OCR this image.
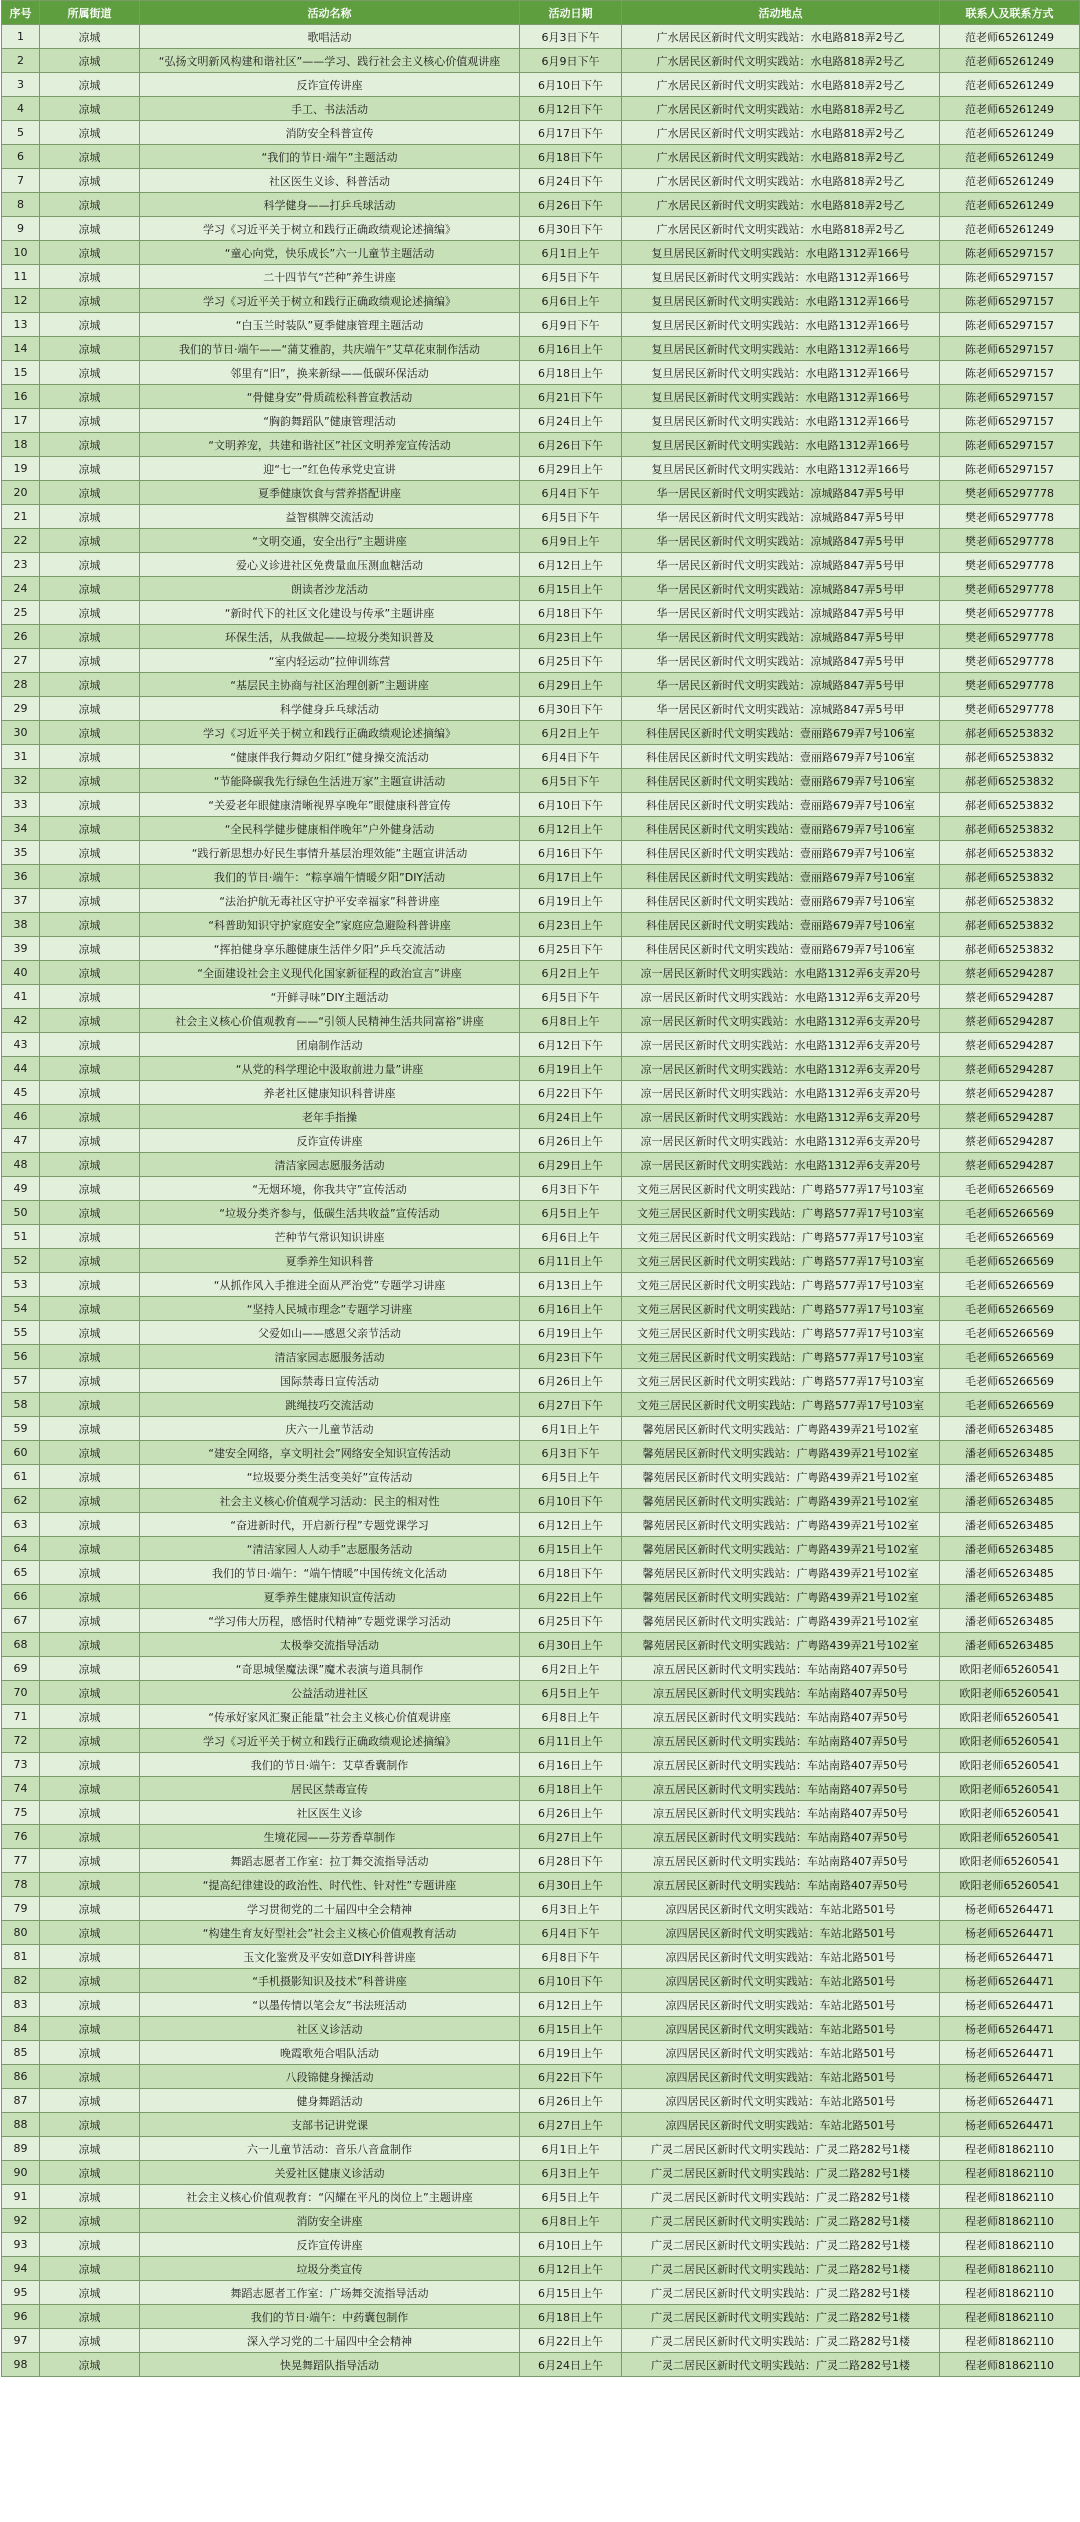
序号	所属街道	活动名称	活动日期	活动地点	联系人及联系方式
1	凉城	歌唱活动	6月3日下午	广水居民区新时代文明实践站：水电路818弄2号乙	范老师65261249
2	凉城	“弘扬文明新风构建和谐社区”——学习、践行社会主义核心价值观讲座	6月9日下午	广水居民区新时代文明实践站：水电路818弄2号乙	范老师65261249
3	凉城	反诈宣传讲座	6月10日下午	广水居民区新时代文明实践站：水电路818弄2号乙	范老师65261249
4	凉城	手工、书法活动	6月12日下午	广水居民区新时代文明实践站：水电路818弄2号乙	范老师65261249
5	凉城	消防安全科普宣传	6月17日下午	广水居民区新时代文明实践站：水电路818弄2号乙	范老师65261249
6	凉城	“我们的节日·端午”主题活动	6月18日下午	广水居民区新时代文明实践站：水电路818弄2号乙	范老师65261249
7	凉城	社区医生义诊、科普活动	6月24日下午	广水居民区新时代文明实践站：水电路818弄2号乙	范老师65261249
8	凉城	科学健身——打乒乓球活动	6月26日下午	广水居民区新时代文明实践站：水电路818弄2号乙	范老师65261249
9	凉城	学习《习近平关于树立和践行正确政绩观论述摘编》	6月30日下午	广水居民区新时代文明实践站：水电路818弄2号乙	范老师65261249
10	凉城	“童心向党，快乐成长”六一儿童节主题活动	6月1日上午	复旦居民区新时代文明实践站：水电路1312弄166号	陈老师65297157
11	凉城	二十四节气“芒种”养生讲座	6月5日下午	复旦居民区新时代文明实践站：水电路1312弄166号	陈老师65297157
12	凉城	学习《习近平关于树立和践行正确政绩观论述摘编》	6月6日上午	复旦居民区新时代文明实践站：水电路1312弄166号	陈老师65297157
13	凉城	“白玉兰时装队”夏季健康管理主题活动	6月9日下午	复旦居民区新时代文明实践站：水电路1312弄166号	陈老师65297157
14	凉城	我们的节日·端午——“蒲艾雅韵，共庆端午”艾草花束制作活动	6月16日上午	复旦居民区新时代文明实践站：水电路1312弄166号	陈老师65297157
15	凉城	邻里有“旧”，换来新绿——低碳环保活动	6月18日上午	复旦居民区新时代文明实践站：水电路1312弄166号	陈老师65297157
16	凉城	“骨健身安”骨质疏松科普宣教活动	6月21日下午	复旦居民区新时代文明实践站：水电路1312弄166号	陈老师65297157
17	凉城	“胸韵舞蹈队”健康管理活动	6月24日上午	复旦居民区新时代文明实践站：水电路1312弄166号	陈老师65297157
18	凉城	“文明养宠，共建和谐社区”社区文明养宠宣传活动	6月26日下午	复旦居民区新时代文明实践站：水电路1312弄166号	陈老师65297157
19	凉城	迎“七一”红色传承党史宣讲	6月29日上午	复旦居民区新时代文明实践站：水电路1312弄166号	陈老师65297157
20	凉城	夏季健康饮食与营养搭配讲座	6月4日下午	华一居民区新时代文明实践站：凉城路847弄5号甲	樊老师65297778
21	凉城	益智棋牌交流活动	6月5日下午	华一居民区新时代文明实践站：凉城路847弄5号甲	樊老师65297778
22	凉城	“文明交通，安全出行”主题讲座	6月9日上午	华一居民区新时代文明实践站：凉城路847弄5号甲	樊老师65297778
23	凉城	爱心义诊进社区免费量血压测血糖活动	6月12日上午	华一居民区新时代文明实践站：凉城路847弄5号甲	樊老师65297778
24	凉城	朗读者沙龙活动	6月15日上午	华一居民区新时代文明实践站：凉城路847弄5号甲	樊老师65297778
25	凉城	“新时代下的社区文化建设与传承”主题讲座	6月18日下午	华一居民区新时代文明实践站：凉城路847弄5号甲	樊老师65297778
26	凉城	环保生活，从我做起——垃圾分类知识普及	6月23日上午	华一居民区新时代文明实践站：凉城路847弄5号甲	樊老师65297778
27	凉城	“室内轻运动”拉伸训练营	6月25日下午	华一居民区新时代文明实践站：凉城路847弄5号甲	樊老师65297778
28	凉城	“基层民主协商与社区治理创新”主题讲座	6月29日上午	华一居民区新时代文明实践站：凉城路847弄5号甲	樊老师65297778
29	凉城	科学健身乒乓球活动	6月30日下午	华一居民区新时代文明实践站：凉城路847弄5号甲	樊老师65297778
30	凉城	学习《习近平关于树立和践行正确政绩观论述摘编》	6月2日上午	科佳居民区新时代文明实践站：壹丽路679弄7号106室	郝老师65253832
31	凉城	“健康伴我行舞动夕阳红”健身操交流活动	6月4日下午	科佳居民区新时代文明实践站：壹丽路679弄7号106室	郝老师65253832
32	凉城	“节能降碳我先行绿色生活进万家”主题宣讲活动	6月5日下午	科佳居民区新时代文明实践站：壹丽路679弄7号106室	郝老师65253832
33	凉城	“关爱老年眼健康清晰视界享晚年”眼健康科普宣传	6月10日下午	科佳居民区新时代文明实践站：壹丽路679弄7号106室	郝老师65253832
34	凉城	“全民科学健步健康相伴晚年”户外健身活动	6月12日上午	科佳居民区新时代文明实践站：壹丽路679弄7号106室	郝老师65253832
35	凉城	“践行新思想办好民生事情升基层治理效能”主题宣讲活动	6月16日下午	科佳居民区新时代文明实践站：壹丽路679弄7号106室	郝老师65253832
36	凉城	我们的节日·端午：“粽享端午情暖夕阳”DIY活动	6月17日上午	科佳居民区新时代文明实践站：壹丽路679弄7号106室	郝老师65253832
37	凉城	“法治护航无毒社区守护平安幸福家”科普讲座	6月19日上午	科佳居民区新时代文明实践站：壹丽路679弄7号106室	郝老师65253832
38	凉城	“科普助知识守护家庭安全”家庭应急避险科普讲座	6月23日上午	科佳居民区新时代文明实践站：壹丽路679弄7号106室	郝老师65253832
39	凉城	“挥拍健身享乐趣健康生活伴夕阳”乒乓交流活动	6月25日下午	科佳居民区新时代文明实践站：壹丽路679弄7号106室	郝老师65253832
40	凉城	“全面建设社会主义现代化国家新征程的政治宣言”讲座	6月2日上午	凉一居民区新时代文明实践站：水电路1312弄6支弄20号	蔡老师65294287
41	凉城	“开鲜寻味”DIY主题活动	6月5日下午	凉一居民区新时代文明实践站：水电路1312弄6支弄20号	蔡老师65294287
42	凉城	社会主义核心价值观教育——“引领人民精神生活共同富裕”讲座	6月8日上午	凉一居民区新时代文明实践站：水电路1312弄6支弄20号	蔡老师65294287
43	凉城	团扇制作活动	6月12日下午	凉一居民区新时代文明实践站：水电路1312弄6支弄20号	蔡老师65294287
44	凉城	“从党的科学理论中汲取前进力量”讲座	6月19日上午	凉一居民区新时代文明实践站：水电路1312弄6支弄20号	蔡老师65294287
45	凉城	养老社区健康知识科普讲座	6月22日下午	凉一居民区新时代文明实践站：水电路1312弄6支弄20号	蔡老师65294287
46	凉城	老年手指操	6月24日上午	凉一居民区新时代文明实践站：水电路1312弄6支弄20号	蔡老师65294287
47	凉城	反诈宣传讲座	6月26日上午	凉一居民区新时代文明实践站：水电路1312弄6支弄20号	蔡老师65294287
48	凉城	清洁家园志愿服务活动	6月29日上午	凉一居民区新时代文明实践站：水电路1312弄6支弄20号	蔡老师65294287
49	凉城	“无烟环境，你我共守”宣传活动	6月3日下午	文苑三居民区新时代文明实践站：广粤路577弄17号103室	毛老师65266569
50	凉城	“垃圾分类齐参与，低碳生活共收益”宣传活动	6月5日上午	文苑三居民区新时代文明实践站：广粤路577弄17号103室	毛老师65266569
51	凉城	芒种节气常识知识讲座	6月6日上午	文苑三居民区新时代文明实践站：广粤路577弄17号103室	毛老师65266569
52	凉城	夏季养生知识科普	6月11日上午	文苑三居民区新时代文明实践站：广粤路577弄17号103室	毛老师65266569
53	凉城	“从抓作风入手推进全面从严治党”专题学习讲座	6月13日上午	文苑三居民区新时代文明实践站：广粤路577弄17号103室	毛老师65266569
54	凉城	“坚持人民城市理念”专题学习讲座	6月16日上午	文苑三居民区新时代文明实践站：广粤路577弄17号103室	毛老师65266569
55	凉城	父爱如山——感恩父亲节活动	6月19日上午	文苑三居民区新时代文明实践站：广粤路577弄17号103室	毛老师65266569
56	凉城	清洁家园志愿服务活动	6月23日下午	文苑三居民区新时代文明实践站：广粤路577弄17号103室	毛老师65266569
57	凉城	国际禁毒日宣传活动	6月26日上午	文苑三居民区新时代文明实践站：广粤路577弄17号103室	毛老师65266569
58	凉城	跳绳技巧交流活动	6月27日下午	文苑三居民区新时代文明实践站：广粤路577弄17号103室	毛老师65266569
59	凉城	庆六一儿童节活动	6月1日上午	馨苑居民区新时代文明实践站：广粤路439弄21号102室	潘老师65263485
60	凉城	“建安全网络，享文明社会”网络安全知识宣传活动	6月3日下午	馨苑居民区新时代文明实践站：广粤路439弄21号102室	潘老师65263485
61	凉城	“垃圾要分类生活变美好”宣传活动	6月5日上午	馨苑居民区新时代文明实践站：广粤路439弄21号102室	潘老师65263485
62	凉城	社会主义核心价值观学习活动：民主的相对性	6月10日下午	馨苑居民区新时代文明实践站：广粤路439弄21号102室	潘老师65263485
63	凉城	“奋进新时代，开启新行程”专题党课学习	6月12日上午	馨苑居民区新时代文明实践站：广粤路439弄21号102室	潘老师65263485
64	凉城	“清洁家园人人动手”志愿服务活动	6月15日上午	馨苑居民区新时代文明实践站：广粤路439弄21号102室	潘老师65263485
65	凉城	我们的节日·端午：“端午情暖”中国传统文化活动	6月18日下午	馨苑居民区新时代文明实践站：广粤路439弄21号102室	潘老师65263485
66	凉城	夏季养生健康知识宣传活动	6月22日上午	馨苑居民区新时代文明实践站：广粤路439弄21号102室	潘老师65263485
67	凉城	“学习伟大历程，感悟时代精神”专题党课学习活动	6月25日下午	馨苑居民区新时代文明实践站：广粤路439弄21号102室	潘老师65263485
68	凉城	太极拳交流指导活动	6月30日上午	馨苑居民区新时代文明实践站：广粤路439弄21号102室	潘老师65263485
69	凉城	“奇思城堡魔法课”魔术表演与道具制作	6月2日上午	凉五居民区新时代文明实践站：车站南路407弄50号	欧阳老师65260541
70	凉城	公益活动进社区	6月5日上午	凉五居民区新时代文明实践站：车站南路407弄50号	欧阳老师65260541
71	凉城	“传承好家风汇聚正能量”社会主义核心价值观讲座	6月8日上午	凉五居民区新时代文明实践站：车站南路407弄50号	欧阳老师65260541
72	凉城	学习《习近平关于树立和践行正确政绩观论述摘编》	6月11日上午	凉五居民区新时代文明实践站：车站南路407弄50号	欧阳老师65260541
73	凉城	我们的节日·端午：艾草香囊制作	6月16日上午	凉五居民区新时代文明实践站：车站南路407弄50号	欧阳老师65260541
74	凉城	居民区禁毒宣传	6月18日上午	凉五居民区新时代文明实践站：车站南路407弄50号	欧阳老师65260541
75	凉城	社区医生义诊	6月26日上午	凉五居民区新时代文明实践站：车站南路407弄50号	欧阳老师65260541
76	凉城	生境花园——芬芳香草制作	6月27日上午	凉五居民区新时代文明实践站：车站南路407弄50号	欧阳老师65260541
77	凉城	舞蹈志愿者工作室：拉丁舞交流指导活动	6月28日下午	凉五居民区新时代文明实践站：车站南路407弄50号	欧阳老师65260541
78	凉城	“提高纪律建设的政治性、时代性、针对性”专题讲座	6月30日上午	凉五居民区新时代文明实践站：车站南路407弄50号	欧阳老师65260541
79	凉城	学习贯彻党的二十届四中全会精神	6月3日上午	凉四居民区新时代文明实践站：车站北路501号	杨老师65264471
80	凉城	“构建生育友好型社会”社会主义核心价值观教育活动	6月4日下午	凉四居民区新时代文明实践站：车站北路501号	杨老师65264471
81	凉城	玉文化鉴赏及平安如意DIY科普讲座	6月8日下午	凉四居民区新时代文明实践站：车站北路501号	杨老师65264471
82	凉城	“手机摄影知识及技术”科普讲座	6月10日下午	凉四居民区新时代文明实践站：车站北路501号	杨老师65264471
83	凉城	“以墨传情以笔会友”书法班活动	6月12日上午	凉四居民区新时代文明实践站：车站北路501号	杨老师65264471
84	凉城	社区义诊活动	6月15日上午	凉四居民区新时代文明实践站：车站北路501号	杨老师65264471
85	凉城	晚霞歌苑合唱队活动	6月19日上午	凉四居民区新时代文明实践站：车站北路501号	杨老师65264471
86	凉城	八段锦健身操活动	6月22日下午	凉四居民区新时代文明实践站：车站北路501号	杨老师65264471
87	凉城	健身舞蹈活动	6月26日上午	凉四居民区新时代文明实践站：车站北路501号	杨老师65264471
88	凉城	支部书记讲党课	6月27日上午	凉四居民区新时代文明实践站：车站北路501号	杨老师65264471
89	凉城	六一儿童节活动：音乐八音盒制作	6月1日上午	广灵二居民区新时代文明实践站：广灵二路282号1楼	程老师81862110
90	凉城	关爱社区健康义诊活动	6月3日上午	广灵二居民区新时代文明实践站：广灵二路282号1楼	程老师81862110
91	凉城	社会主义核心价值观教育：“闪耀在平凡的岗位上”主题讲座	6月5日上午	广灵二居民区新时代文明实践站：广灵二路282号1楼	程老师81862110
92	凉城	消防安全讲座	6月8日上午	广灵二居民区新时代文明实践站：广灵二路282号1楼	程老师81862110
93	凉城	反诈宣传讲座	6月10日上午	广灵二居民区新时代文明实践站：广灵二路282号1楼	程老师81862110
94	凉城	垃圾分类宣传	6月12日上午	广灵二居民区新时代文明实践站：广灵二路282号1楼	程老师81862110
95	凉城	舞蹈志愿者工作室：广场舞交流指导活动	6月15日上午	广灵二居民区新时代文明实践站：广灵二路282号1楼	程老师81862110
96	凉城	我们的节日·端午：中药囊包制作	6月18日上午	广灵二居民区新时代文明实践站：广灵二路282号1楼	程老师81862110
97	凉城	深入学习党的二十届四中全会精神	6月22日上午	广灵二居民区新时代文明实践站：广灵二路282号1楼	程老师81862110
98	凉城	快晃舞蹈队指导活动	6月24日上午	广灵二居民区新时代文明实践站：广灵二路282号1楼	程老师81862110
